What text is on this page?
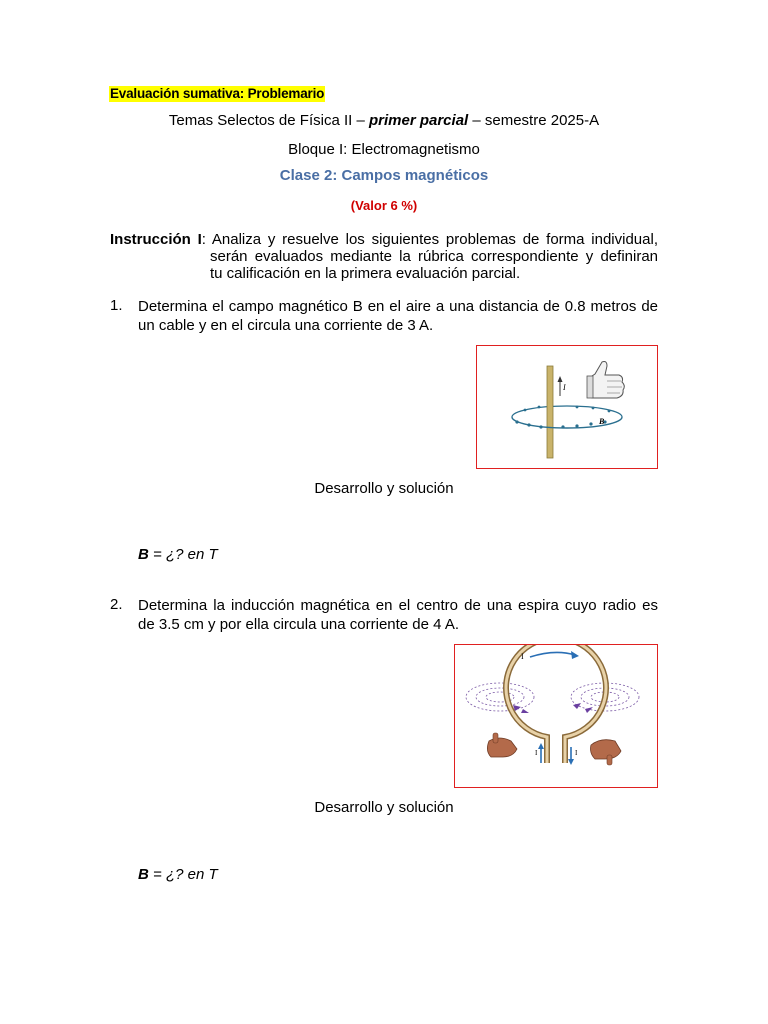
Evaluación sumativa: Problemario
Temas Selectos de Física II – primer parcial – semestre 2025-A
Bloque I: Electromagnetismo
Clase 2: Campos magnéticos
(Valor 6 %)
Instrucción I: Analiza y resuelve los siguientes problemas de forma individual,
serán evaluados mediante la rúbrica correspondiente y definiran
tu calificación en la primera evaluación parcial.
1. Determina el campo magnético B en el aire a una distancia de 0.8 metros de
un cable y en el circula una corriente de 3 A.
I
B
Desarrollo y solución
B = ¿? en T
2. Determina la inducción magnética en el centro de una espira cuyo radio es
de 3.5 cm y por ella circula una corriente de 4 A.
I
I	I
Desarrollo y solución
B = ¿? en T
